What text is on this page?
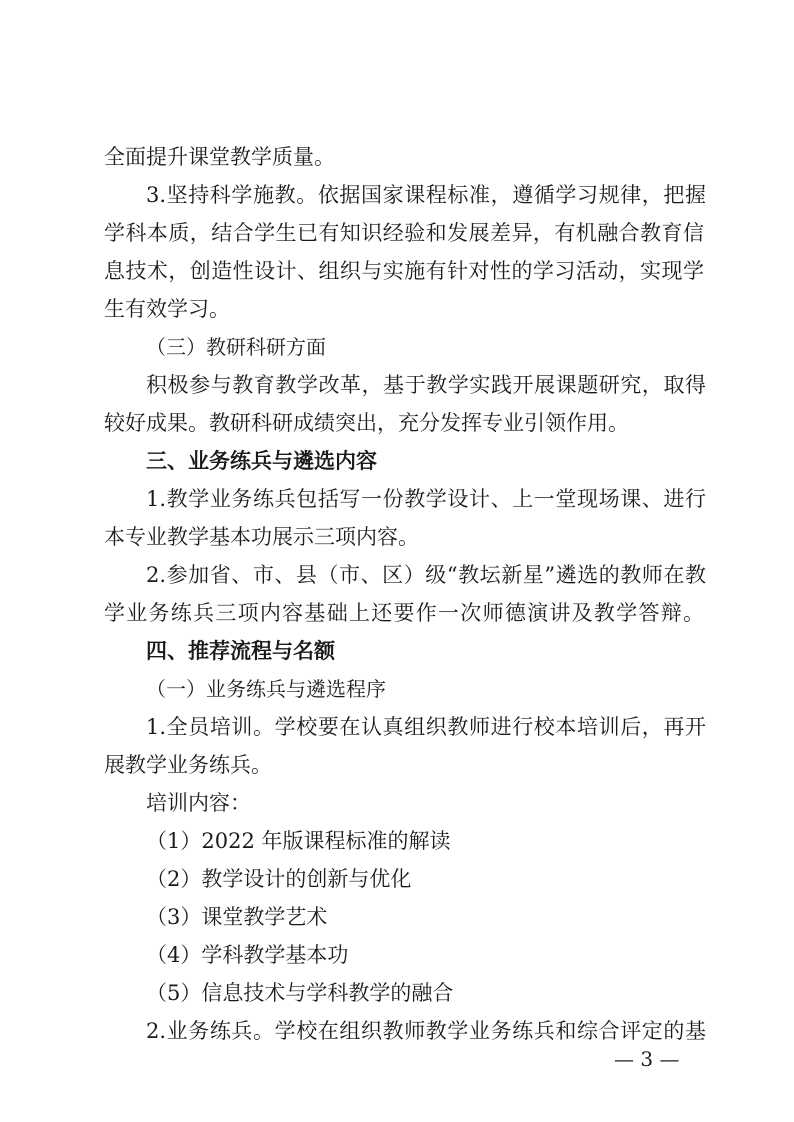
全面提升课堂教学质量。
3.坚持科学施教。依据国家课程标准，遵循学习规律，把握
学科本质，结合学生已有知识经验和发展差异，有机融合教育信
息技术，创造性设计、组织与实施有针对性的学习活动，实现学
生有效学习。
（三）教研科研方面
积极参与教育教学改革，基于教学实践开展课题研究，取得
较好成果。教研科研成绩突出，充分发挥专业引领作用。
三、业务练兵与遴选内容
1.教学业务练兵包括写一份教学设计、上一堂现场课、进行
本专业教学基本功展示三项内容。
2.参加省、市、县（市、区）级“教坛新星”遴选的教师在教
学业务练兵三项内容基础上还要作一次师德演讲及教学答辩。
四、推荐流程与名额
（一）业务练兵与遴选程序
1.全员培训。学校要在认真组织教师进行校本培训后，再开
展教学业务练兵。
培训内容：
（1）2022 年版课程标准的解读
（2）教学设计的创新与优化
（3）课堂教学艺术
（4）学科教学基本功
（5）信息技术与学科教学的融合
2.业务练兵。学校在组织教师教学业务练兵和综合评定的基
— 3 —
